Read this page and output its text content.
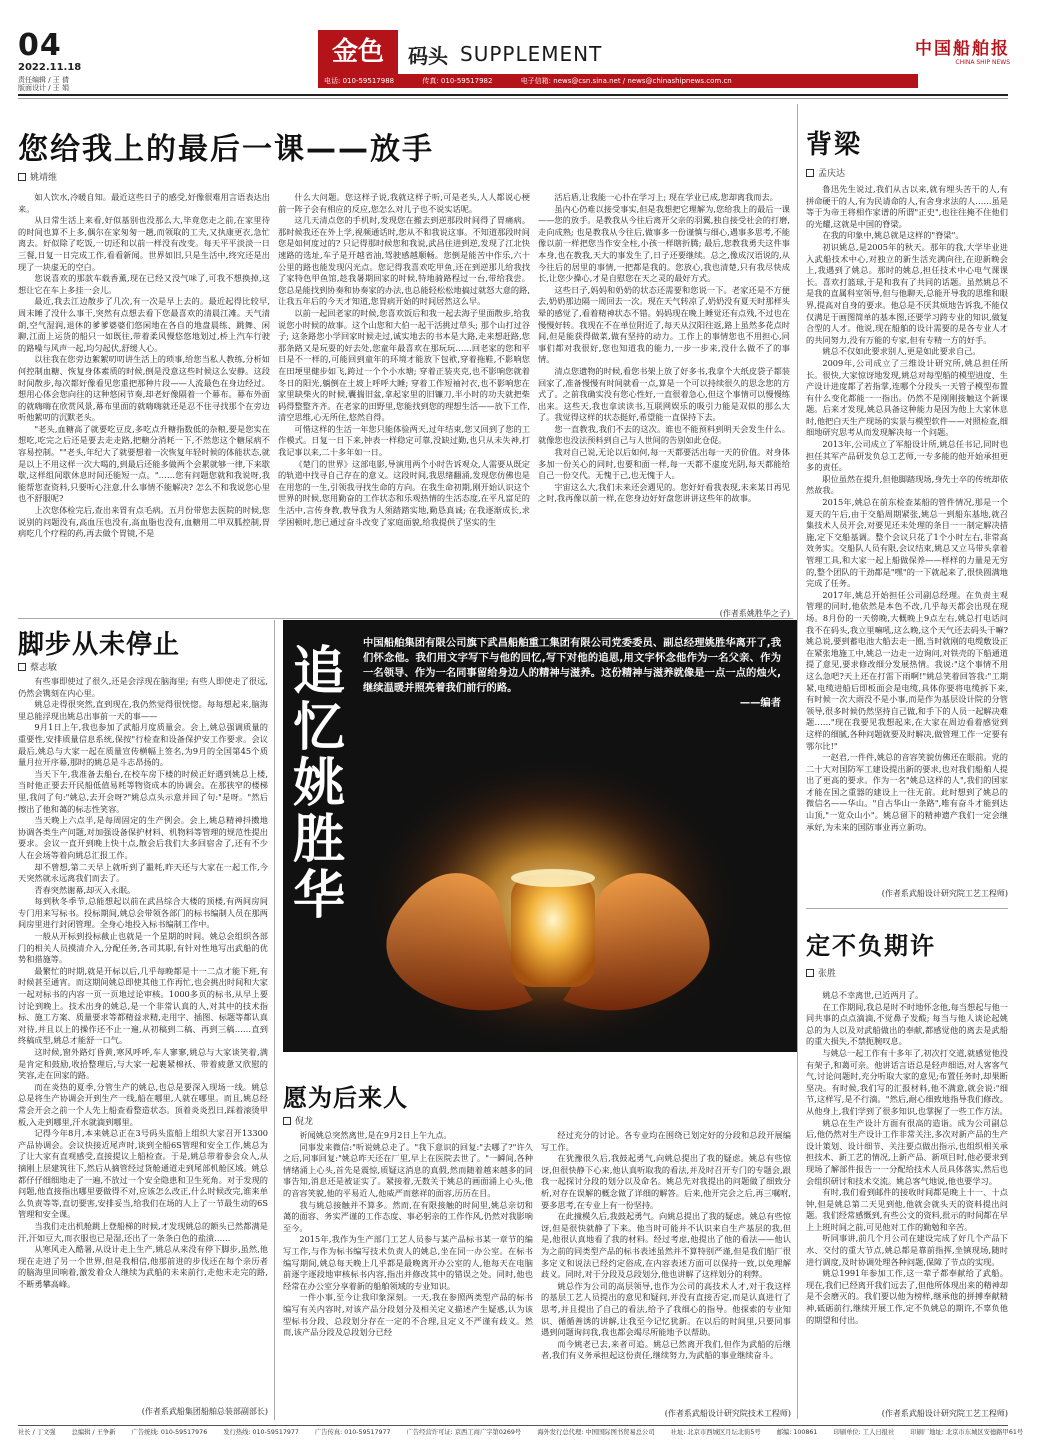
04
2022.11.18
责任编辑 / 王 倩
版面设计 / 王 娟
金色	码头 SUPPLEMENT
电话: 010-59517988	传真: 010-59517982	电子信箱: news@csn.sina.net / news@chinashipnews.com.cn
中国船舶报
CHINA SHIP NEWS
您给我上的最后一课——放手
姚靖维

如人饮水,冷暖自知。最近这些日子的感受,好像很难用言语表达出来。

从日常生活上来看,好似基别也没那么大,毕竟您走之前,在家里待的时间也算不上多,偶尔在家匆匆一趟,而领取的工夫,又执康更衣,急忙离去。好似除了吃饭,一切还和以前一样没有改变。每天平平淡淡一日三餐,日复一日完成工作,看看新闻。世界如旧,只是生活中,终究还是出现了一块虚无的空白。

您说喜欢的那款车载香薰,现在已经又没气味了,可我不想换掉,这想让它在车上多挂一会儿。

最近,我去江边散步了几次,有一次是早上去的。最近起得比较早,周末睡了没什么事干,突然有点想去看下您最喜欢的清晨江滩。天气清朗,空气湿润,退休的爹爹婆婆们悠闲地在各自的地盘晨练、跳舞、闲聊,江面上运货的船只一如既往,带着柔风慢悠悠地划过,桥上汽车行驶的路噪与风声一起,均匀起伏,舒缓人心。

以往我在您旁边絮絮叨叨讲生活上的琐事,给您当私人教练,分析如何控制血糖、恢复身体素质的时候,倒是没意这些时候这么安静。这段时间散步,每次都好像看见您重把那种片段——人流最色在身边经过。想用心体会您向往的这种悠闲节奏,却老好像隔着一个幕布。幕布外面的就嗨嗨在欣赏风景,幕布里面的就嗨嗨就还是忍不住寻找那个在旁边听他絮叨的沉默老头。

"老头,血糖高了就要吃豆皮,多吃点升糖指数低的杂粮,要是您实在想吃,吃完之后还是要去走走路,把糖分消耗一下,不然您这个糖尿病不容易控制。""老头,年纪大了就要想着一次恢复年轻时候的体能状态,就是以上不用这样一次大喝的,到最后还能多做两个会累就够一律,下来歇歇,这样组间歇休息时间还能短一点。"……您有问题您就和我说呀,我能帮您查资料,只要听心注意,什么事情不能解决? 怎么不和我说您心里也不舒服呢?

上次您体检完后,查出来胃有点毛病。五月份带您去医院的时候,您说别的问题没有,高血压也没有,高血脂也没有,血糖用二甲双胍控制,胃病吃几个疗程的药,再去做个胃镜,不是

什么大问题。您这样子说,我就这样子听,可是老头,人人都说心梗前一阵子会有相应的反应,您怎么对儿子也不说实话呢。

这几天清点您的手机时,发现您在搬去到逆那段时间得了胃痛病。那时候我还在外上学,视频通话时,您从不和我说这事。不知道那段时间您是如何度过的? 只记得那时候您和我说,武昌住进到逆,发现了江北快速路的选址,车子是开越省油,驾驶感越顺畅。您倒是能苦中作乐,六十公里的路也能发现闪光点。您记得我喜欢吃甲鱼,还在到逆那儿给我找了家特色甲鱼馆,趁我暑期回家的时候,特地骑路程过一台,带给我尝。您总是能找到协奏和协奏家的办法,也总能轻松松地搞过就怒大意的路,让我五年后的今天才知道,您胃病开始的时间居然这么早。

以前一起回老家的时候,您喜欢饭后和我一起去海子里面散步,给我说您小时候的故事。这个山您和大伯一起干活挑过草头; 那个山打过谷子; 这条路您小学回家时候走过,诚实地去的书本是大路,走来想赶路,您那条路又是玩耍的好去处,您童年最喜欢在那玩玩……回老家的您和平日是不一样的,可能回到童年的环境才能放下包袱,穿着拖鞋,不影响您在田埂里健步如飞,跨过一个个小水塘; 穿着正装夹克,也不影响您就着冬日的阳光,躺倒在土坡上呼呼大睡; 穿着工作短袖衬衣,也不影响您在家里缺柴火的时候,囊揣旧盆,拿起家里的旧镰刀,半小时的功夫就把柴码得整整齐齐。在老家的田野里,您能找到您的理想生活——放下工作,清空思维,心无所住,悠然自得。

可惜这样的生活一年您只能体验两天,过年结束,您又回到了您的工作模式。日复一日下来,钟表一样稳定可靠,没缺过勤,也只从未失神,打我记事以来,二十多年如一日。

《楚门的世界》这部电影,导演用两个小时告诉观众,人需要从既定的轨道中找寻自己存在的意义。这段时间,我思绪翻涌,发现您仿佛也是在用您的一生,引领我寻找生命的方向。在我生命初期,刚开始认识这个世界的时候,您用勤奋的工作状态和乐观热情的生活态度,在平凡富足的生活中,言传身教,教导我为人须踏踏实地,勤恳真诚; 在我逐渐成长,求学困顿时,您已通过奋斗改变了家庭面貌,给我提供了坚实的生

活后盾,让我能一心扑在学习上; 现在学业已成,您却离我而去。

虽内心仍难以接受事实,但是我想把它理解为,您给我上的最后一课——您的放手。是教我从今往后离开父亲的羽翼,独自接受社会的打磨,走向成熟; 也是教我从今往后,做事多一份谨慎与细心,遇事多思考,不能像以前一样把您当作安全柱,小孩一样瞎折腾; 最后,您教我勇夫这件事本身,也在教我,天大的事发生了,日子还要继续。总之,像成汉语说的,从今往后的居里的事情,一把都是我的。您放心,我也清楚,只有我尽快成长,让您少操心,才是自慰您在天之灵的最好方式。

这些日子,妈妈和奶奶的状态还需要和您说一下。老家还是不方便去,奶奶那边隔一周回去一次。现在天气转凉了,奶奶没有夏天时那样头晕的感觉了,看着精神状态不错。妈妈现在晚上睡觉还有点残,不过也在慢慢好转。我现在不在单位附近了,每天从汉阳往返,路上虽然多花点时间,但是能获得做菜,做有坚持的动力。工作上的事情您也不用担心,同事们都对我很好,您也知道我的能力,一步一步来,没什么做不了的事情。

清点您遗物的时候,看您书架上放了好多书,我拿个大纸皮袋子都装回家了,准备慢慢有时间就看一点,算是一个可以持续很久的思念您的方式了。之前我确实没有您心性好,一直很着急心,但这个事情可以慢慢练出来。这些天,我也拿读读书,互联网娱乐的吸引力能是双似的那么大了。我觉得这样的状态挺好,希望能一直保持下去。

您一直教我,我们不去的这次。谁也不能预料到明天会发生什么。就像您也没法预料到自己与人世间的告别如此仓促。

我对自己说,无论以后如何,每一天都要活出每一天的价值。对身体多加一份关心的同时,也要和面一样,每一天都不虚度光阴,每天都能给自己一份交代。无愧于己,也无愧于人。

宇宙这么大,我们未来还会遇见的。您好好看我表现,未来某日再见之时,我再像以前一样,在您身边好好盘您讲讲这些年的故事。

(作者系姚胜华之子)
脚步从未停止
蔡志敏

有些事即使过了很久,还是会浮现在脑海里; 有些人即使走了很远,仍然会镌刻在内心里。

姚总走得很突然,直到现在,我仍然觉得很恍惚。每每想起来,脑海里总能浮现出姚总出事前一天的事——

9月1日上午,我也参加了武船月度质量会。会上,姚总强调质量的重要性,安排质量信息系统,保按"行检查和设备保护安工作要求。会议最后,姚总与大家一起在质量宣传横幅上签名,为9月的全国第45个质量月拉开序幕,那时的姚总是斗志昂扬的。

当天下午,我准备去船台,在校车房下楼的时候正好遇到姚总上楼,当时他正要去开民船低值易耗等物资成本的协调会。在那狭窄的楼梯里,我问了句:"姚总,去开会呀?"姚总点头示意并回了句:"是呀。"然后擦出了他和蔼的标志性笑容。

当天晚上六点半,是每周固定的生产例会。会上,姚总精神抖擞地协调各类生产问题,对加强设备保护材料、机物料等管理的规范性提出要求。会议一直开到晚上快十点,散会后我们大多回宿舍了,还有不少人在会场等着向姚总汇报工作。

却不曾想,第二天早上就听到了噩耗,昨天还与大家在一起工作,今天突然就永远离我们而去了。

青春突然谢幕,却灭入永眠。

每到秋冬季节,总能想起以前在武昌综合大楼的顶楼,有两间房间专门用来写标书。投标期间,姚总会带领各部门的标书编制人员在那两间房里进行封闭管理。全身心地投入标书编制工作中。

一般从开标到投标截止也就是一个星期的时间。姚总会组织各部门的相关人员摸清介入,分配任务,各司其职,有针对性地写出武船的优势和措施等。

最繁忙的时期,就是开标以后,几乎每晚都是十一二点才能下班,有时候甚至通宵。而这期间姚总即使其他工作再忙,也会挑出时间和大家一起对标书的内容一页一页地过论审核。1000多页的标书,从早上要讨论到晚上。技术出身的姚总,是一个非常认真的人,对其中的技术指标、施工方案、质量要求等都精益求精,走用字、插图、标题等都认真对待,并且以上的操作还不止一遍,从初稿到二稿、再到三稿……直到终稿成型,姚总才能舒一口气。

这时候,窗外路灯昏黄,寒风呼呼,车人寥寥,姚总与大家谈笑着,满是肯定和鼓励,收拾整理后,与大家一起裹紧棉袄、带着疲惫又欣慰的笑容,走在回家的路。

而在炎热的夏季,分管生产的姚总,也总是要深入现场一线。姚总总是将生产协调会开到生产一线,船在哪里,人就在哪里。而且,姚总经常会开会之前一个人先上船查看整造状态。顶着炎炎烈日,踩着滚烫甲板,入走到哪里,汗水就滴到哪里。

记得今年8月,本来姚总正在3号码头监船上组织大家召开13300产品协调会。会议快接近尾声时,谈到全船6S管理和安全工作,姚总为了让大家有直观感受,直接提议上船检查。于是,姚总带着参会众人,从摘刚上层建筑往下,然后从摘管经过货舱通道走到尾部机舱区域。姚总都仔仔细细地走了一遍,不放过一个安全隐患和卫生死角。对于发现的问题,他直接指出哪里要做得不对,应该怎么改正,什么时候改完,谁来单么负责等等,直切要害,安排妥当,给我们在场的人上了一节最生动的6S管理和安全课。

当我们走出机舱跳上登船梯的时候,才发现姚总的额头已然都满是汗,汗如豆大,而衣服也已是湿,还出了一条条白色的盐渍……

从寒风走入酷暑,从设计走上生产,姚总从来没有停下脚步,虽然,他现在走进了另一个世界,但是我相信,他那前进的步伐还在每个亲历者的脑海里回响着,激发着众人继续为武船的未来前行,走他未走完的路,不断勇攀高峰。

(作者系武船集团船舶总装部副部长)
追忆姚胜华
中国船舶集团有限公司旗下武昌船舶重工集团有限公司党委委员、副总经理姚胜华离开了,我们怀念他。我们用文字写下与他的回忆,写下对他的追思,用文字怀念他作为一名父亲、作为一名领导、作为一名同事留给身边人的精神与滋养。这份精神与滋养就像是一点一点的烛火,继续温暖并照亮着我们前行的路。
——编者
愿为后来人
倪龙

祈闻姚总突然离世,是在9月2日上午九点。

同事发来微信:"听说姚总走了。"我下意识的回复:"去哪了?"许久之后,同事回复:"姚总昨天还在厂里,早上在医院去世了。"一瞬间,各种情绪涌上心头,首先是震惊,质疑这消息的真假,然而随着越来越多的同事告知,消息还是被证实了。紧接着,无数关于姚总的画面涌上心头,他的音容笑貌,他的平易近人,他威严而慈祥的面容,历历在目。

我与姚总接触并不算多。然而,在有限接触的时间里,姚总亲切和蔼的面容、务实严谨的工作态度、事必躬亲的工作作风,仍然对我影响至今。

2015年,我作为生产部门工艺人员参与某产品标书某一章节的编写工作,与作为标书编写技术负责人的姚总,坐在同一办公室。在标书编写期间,姚总每天晚上几乎都是最晚离开办公室的人,他每天在电脑前逐字逐段地审核标书内容,指出并修改其中的错误之处。同时,他也经常在办公室分享着新的船舶领域的专业知识。

一件小事,至今让我印象深刻。一天,我在参照两类型产品的标书编写有关内容时,对该产品分段划分及相关定义描述产生疑惑,认为该型标书分段、总段划分存在一定的不合理,且定义不严谨有歧义。然而,该产品分段及总段划分已经

经过充分的讨论。各专业均在围绕已划定好的分段和总段开展编写工作。

在犹豫很久后,我鼓起勇气,向姚总提出了我的疑虑。姚总有些惊讶,但很快静下心来,他认真听取我的看法,并及时召开专门的专题会,跟我一起探讨分段的划分以及命名。姚总先对我提出的问题做了细致分析,对存在误解的概念做了详细的解答。后来,他开完会之后,再三嘱咐,要多思考,在专业上有一份坚持。

在此撞模久后,我鼓起勇气。向姚总提出了我的疑虑。姚总有些惊讶,但是很快就静了下来。他当时可能并不认识来自生产基层的我,但是,他很认真地看了我的材料。经过考虑,他提出了他的看法——他认为之前的同类型产品的标书表述虽然并不算特别严谨,但是我们船厂很多定义和说法已经约定俗成,在内容表述方面可以保持一致,以免理解歧义。同时,对于分段及总段划分,他也讲解了这样划分的利弊。

姚总作为公司的高层领导,也作为公司的高技术人才,对于我这样的基层工艺人员提出的意见和疑问,并没有直接否定,而是认真进行了思考,并且提出了自己的看法,给予了我细心的指导。他探索的专业知识、循循善诱的讲解,让我至今记忆犹新。在以后的时间里,只要同事遇到问题询问我,我也都会竭尽所能地予以帮助。

而今姚老已去,来者可追。姚总已然离开我们,但作为武船的后继者,我们有义务承担起这份责任,继续努力,为武船的事业继续奋斗。

(作者系武船设计研究院技术工程师)
背梁
孟庆达

鲁迅先生说过,我们从古以来,就有埋头苦干的人,有拼命硬干的人,有为民请命的人,有舍身求法的人……虽是等于为帝王将相作家谱的所谓"正史",也往往掩不住他们的光耀,这就是中国的脊梁。

在我的印象中,姚总就是这样的"脊梁"。

初识姚总,是2005年的秋天。那年的我,大学毕业进入武船技术中心,对独立的新生活充满向往,在迎新晚会上,我遇到了姚总。那时的姚总,担任技术中心电气课课长。喜欢打篮球,于是和我有了共同的话题。虽然姚总不是我的直属科室领导,但与他聊天,总能开导我的思维和眼界,提高对自身的要求。他总是不厌其烦地告诉我,不能仅仅满足于画图简单的基本图,还要学习跨专业的知识,做复合型的人才。他说,现在船舶的设计需要的是各专业人才的共同努力,没有万能的专家,但有专精一方的好手。

姚总不仅如此要求别人,更是如此要求自己。

2009年,公司成立了三维设计研究所,姚总担任所长。很快,大家惊讶地发现,姚总对每型船的模型进度、生产设计进度都了若指掌,连哪个分段头一天管子模型布置有什么变化都能一一指出。仍然不是刚刚接触这个新课题。后来才发现,姚总具备这种能力是因为他上大家休息时,他把白天生产现场的实景与模型软件——对照检查,细细地研究思考从而发现解决每一个问题。

2013年,公司成立了军船设计所,姚总任书记,同时也担任其军产品研发负总工艺师,一专多能的他开始承担更多的责任。

职位虽然在提升,但他脚踏现场,身先士卒的传统却依然故我。

2015年,姚总在前东检查某船的管件情况,那是一个夏天的午后,由于交船周期紧张,姚总一到船东基地,就召集技术人员开会,对要见还未处理的条目一一制定解决措施,定下交船基调。整个会议只花了1个小时左右,非常高效务实。交船队人员有限,会议结束,姚总又立马带头拿着管理工具,和大家一起上船做保养——样样的力量是无穷的,整个团队的干劲都是"嘿"的一下就起来了,很快圆满地完成了任务。

2017年,姚总开始担任公司副总经理。在负责主观管理的同时,他依然是本色不改,几乎每天都会出现在现场。8月份的一天傍晚,大概晚上9点左右,姚总打电话问我不在码头,我立里嘛吼,这么晚,这个天气还去码头干嘛?姚总说,要到蓄电池大船去走一圈,当时就刚的电缆敷设正在紧张地施工中,姚总一边走一边询问,对铁壳的下船通道提了意见,要求修改细分发展热情。我说:"这个事情不用这么急吧?天上还在打雷下雨啊!"姚总笑着回答我:"工期紧,电缆进船后即板面会是电缆,具体你要将电缆拆下来,有时候一次大雨没不是小事,而是作为基层设计院的分管领导,很多时候仍然坚持自己做,和手下的人员一起解决难题……"现在我要见我想起来,在大家在周边看着感觉到这样的细腻,各种问题就要及时解决,做管理工作一定要有鄂尔比!"

一赵君,一件件,姚总的音容笑貌仿佛还在眼前。党的二十大对国防军工建设提出新的要求,也对我们船舶人提出了更高的要求。作为一名"姚总这样的人",我们的国家才能在国之重器的建设上一往无前。此时想到了姚总的微信名——华山。"自古华山一条路",唯有奋斗才能到达山顶,"一览众山小"。姚总留下的精神遗产我们一定会继承好,为未来的国防事业再立新功。

(作者系武船设计研究院工艺工程师)
定不负期许
张胜

姚总不幸离世,已近两月了。

在工作期间,我总是时不时地怀念他,每当想起与他一同共事的点点滴滴,不觉鼻子发酸; 每当与他人谈论起姚总的为人以及对武船做出的奉献,都感觉他的离去是武船的重大损失,不禁扼腕叹息。

与姚总一起工作有十多年了,初次打交道,就感觉他没有架子,和蔼可亲。他讲话言语总是轻声细语,对人客客气气,讨论问题时,充分听取大家的意见;布置任务时,却果断坚决。有时候,我们写的汇报材料,他不满意,就会说:"细节,这样写,是不行滴。"然后,耐心细致地指导我们修改。从他身上,我们学到了很多知识,也掌握了一些工作方法。

姚总在生产设计方面有很高的造诣。成为公司副总后,他仍然对生产设计工作非常关注,多次对新产品的生产设计策划、设计细节、关注要点做出指示,也组织相关承担技术、新工艺的情况,上新产品、新项目时,他必要求到现场了解部件报告一一分配给技术人员具体落实,然后也会组织研讨和技术交流。姚总客气地说,他也要学习。

有时,我们看到邮件的接收时间都是晚上十一、十点钟,但是姚总第二天见到他,他就会就头天的资料提出问题。我们经常感慨到,有些公文的资料,批示的时间都在早上上班时间之前,可见他对工作的勤勉和辛苦。

听同事讲,前几个月公司在建设完成了好几个产品下水、交付的重大节点,姚总都是靠前指挥,坐镇现场,随时进行调度,及时协调处理各种问题,保障了节点的实现。

姚总1991年参加工作,这一辈子都奉献给了武船。现在,我们已经离开我们远去了,但他所体现出来的精神却是不会磨灭的。我们要以他为榜样,继承他的拼搏奉献精神,砥砺前行,继续开展工作,定不负姚总的期许,不辜负他的期望和付出。

(作者系武船设计研究院工艺工程师)
社长 / 丁文强	总编辑 / 王争新	广告统线: 010-59517976	发行热线: 010-59517977	广告传真: 010-59517977	广告经营许可证: 京西工商广字第0269号	海外发行总代理: 中国国际图书贸易总公司	社址: 北京市西城区月坛北街5号	邮编: 100861	印刷单位: 工人日报社	印刷厂地址: 北京市东城区安德路甲61号
